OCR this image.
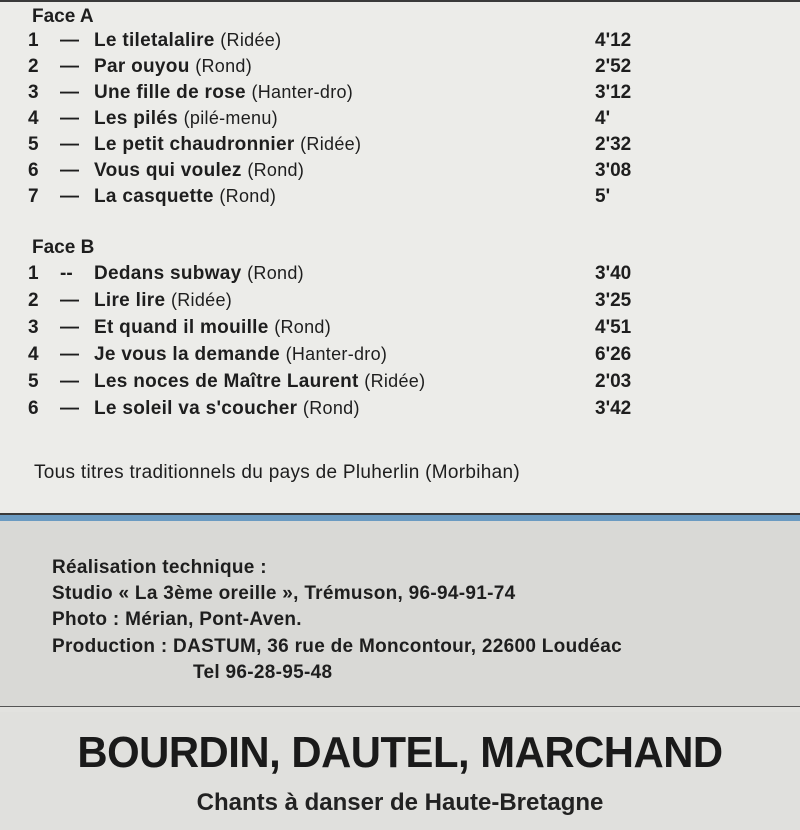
Face A
1 — Le tiletalalire (Ridée)	4'12
2 — Par ouyou (Rond)	2'52
3 — Une fille de rose (Hanter-dro)	3'12
4 — Les pilés (pilé-menu)	4'
5 — Le petit chaudronnier (Ridée)	2'32
6 — Vous qui voulez (Rond)	3'08
7 — La casquette (Rond)	5'
Face B
1 -- Dedans subway (Rond)	3'40
2 — Lire lire (Ridée)	3'25
3 — Et quand il mouille (Rond)	4'51
4 — Je vous la demande (Hanter-dro)	6'26
5 — Les noces de Maître Laurent (Ridée)	2'03
6 — Le soleil va s'coucher (Rond)	3'42
Tous titres traditionnels du pays de Pluherlin (Morbihan)
Réalisation technique :
Studio « La 3ème oreille », Trémuson, 96-94-91-74
Photo : Mérian, Pont-Aven.
Production : DASTUM, 36 rue de Moncontour, 22600 Loudéac
Tel 96-28-95-48
BOURDIN, DAUTEL, MARCHAND
Chants à danser de Haute-Bretagne
